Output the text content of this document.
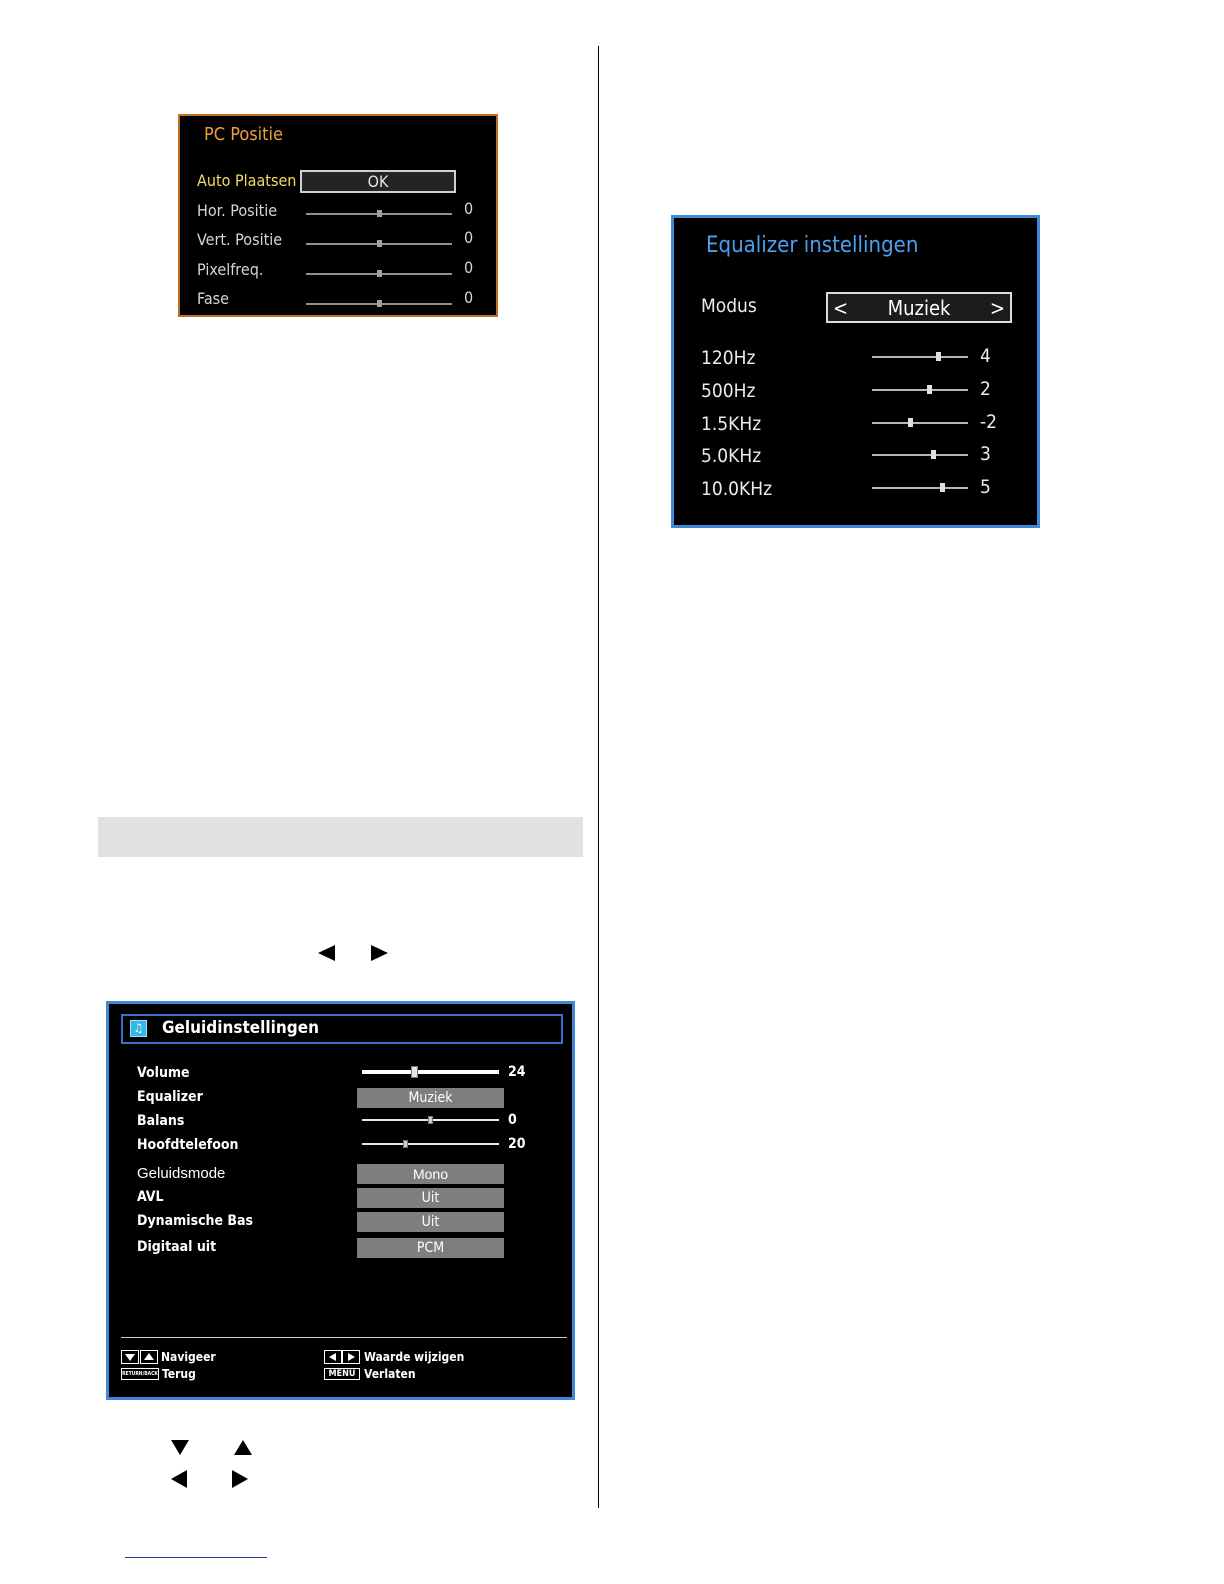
PC Positie
Auto Plaatsen	OK
Hor. Positie	0
Vert. Positie	0
Pixelfreq.	0
Fase	0
Equalizer instellingen
Modus	<	Muziek	>
120Hz	4
500Hz	2
1.5KHz	-2
5.0KHz	3
10.0KHz	5
♫ Geluidinstellingen
Volume	24
Equalizer	Muziek
Balans	0
Hoofdtelefoon	20
Geluidsmode	Mono
AVL	Uit
Dynamische Bas	Uit
Digitaal uit	PCM
Navigeer
RETURN/BACK Terug
Waarde wijzigen
MENU Verlaten
